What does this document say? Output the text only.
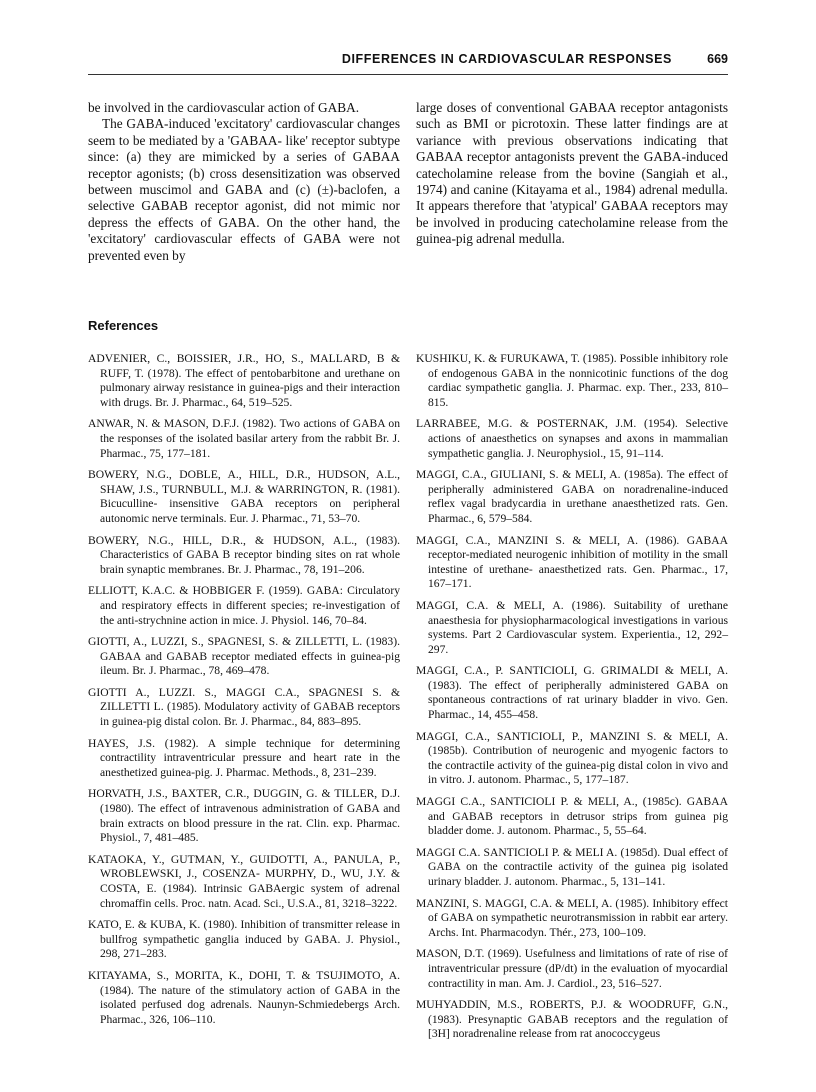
DIFFERENCES IN CARDIOVASCULAR RESPONSES	669

be involved in the cardiovascular action of GABA.

The GABA-induced 'excitatory' cardiovascular changes seem to be mediated by a 'GABAA- like' receptor subtype since: (a) they are mimicked by a series of GABAA receptor agonists; (b) cross desensitization was observed between muscimol and GABA and (c) (±)-baclofen, a selective GABAB receptor agonist, did not mimic nor depress the effects of GABA. On the other hand, the 'excitatory' cardiovascular effects of GABA were not prevented even by

large doses of conventional GABAA receptor antagonists such as BMI or picrotoxin. These latter findings are at variance with previous observations indicating that GABAA receptor antagonists prevent the GABA-induced catecholamine release from the bovine (Sangiah et al., 1974) and canine (Kitayama et al., 1984) adrenal medulla. It appears therefore that 'atypical' GABAA receptors may be involved in producing catecholamine release from the guinea-pig adrenal medulla.

References

ADVENIER, C., BOISSIER, J.R., HO, S., MALLARD, B & RUFF, T. (1978). The effect of pentobarbitone and urethane on pulmonary airway resistance in guinea-pigs and their interaction with drugs. Br. J. Pharmac., 64, 519–525.

ANWAR, N. & MASON, D.F.J. (1982). Two actions of GABA on the responses of the isolated basilar artery from the rabbit Br. J. Pharmac., 75, 177–181.

BOWERY, N.G., DOBLE, A., HILL, D.R., HUDSON, A.L., SHAW, J.S., TURNBULL, M.J. & WARRINGTON, R. (1981). Bicuculline- insensitive GABA receptors on peripheral autonomic nerve terminals. Eur. J. Pharmac., 71, 53–70.

BOWERY, N.G., HILL, D.R., & HUDSON, A.L., (1983). Characteristics of GABA B receptor binding sites on rat whole brain synaptic membranes. Br. J. Pharmac., 78, 191–206.

ELLIOTT, K.A.C. & HOBBIGER F. (1959). GABA: Circulatory and respiratory effects in different species; re-investigation of the anti-strychnine action in mice. J. Physiol. 146, 70–84.

GIOTTI, A., LUZZI, S., SPAGNESI, S. & ZILLETTI, L. (1983). GABAA and GABAB receptor mediated effects in guinea-pig ileum. Br. J. Pharmac., 78, 469–478.

GIOTTI A., LUZZI. S., MAGGI C.A., SPAGNESI S. & ZILLETTI L. (1985). Modulatory activity of GABAB receptors in guinea-pig distal colon. Br. J. Pharmac., 84, 883–895.

HAYES, J.S. (1982). A simple technique for determining contractility intraventricular pressure and heart rate in the anesthetized guinea-pig. J. Pharmac. Methods., 8, 231–239.

HORVATH, J.S., BAXTER, C.R., DUGGIN, G. & TILLER, D.J. (1980). The effect of intravenous administration of GABA and brain extracts on blood pressure in the rat. Clin. exp. Pharmac. Physiol., 7, 481–485.

KATAOKA, Y., GUTMAN, Y., GUIDOTTI, A., PANULA, P., WROBLEWSKI, J., COSENZA- MURPHY, D., WU, J.Y. & COSTA, E. (1984). Intrinsic GABAergic system of adrenal chromaffin cells. Proc. natn. Acad. Sci., U.S.A., 81, 3218–3222.

KATO, E. & KUBA, K. (1980). Inhibition of transmitter release in bullfrog sympathetic ganglia induced by GABA. J. Physiol., 298, 271–283.

KITAYAMA, S., MORITA, K., DOHI, T. & TSUJIMOTO, A. (1984). The nature of the stimulatory action of GABA in the isolated perfused dog adrenals. Naunyn-Schmiedebergs Arch. Pharmac., 326, 106–110.

KUSHIKU, K. & FURUKAWA, T. (1985). Possible inhibitory role of endogenous GABA in the nonnicotinic functions of the dog cardiac sympathetic ganglia. J. Pharmac. exp. Ther., 233, 810–815.

LARRABEE, M.G. & POSTERNAK, J.M. (1954). Selective actions of anaesthetics on synapses and axons in mammalian sympathetic ganglia. J. Neurophysiol., 15, 91–114.

MAGGI, C.A., GIULIANI, S. & MELI, A. (1985a). The effect of peripherally administered GABA on noradrenaline-induced reflex vagal bradycardia in urethane anaesthetized rats. Gen. Pharmac., 6, 579–584.

MAGGI, C.A., MANZINI S. & MELI, A. (1986). GABAA receptor-mediated neurogenic inhibition of motility in the small intestine of urethane- anaesthetized rats. Gen. Pharmac., 17, 167–171.

MAGGI, C.A. & MELI, A. (1986). Suitability of urethane anaesthesia for physiopharmacological investigations in various systems. Part 2 Cardiovascular system. Experientia., 12, 292–297.

MAGGI, C.A., P. SANTICIOLI, G. GRIMALDI & MELI, A. (1983). The effect of peripherally administered GABA on spontaneous contractions of rat urinary bladder in vivo. Gen. Pharmac., 14, 455–458.

MAGGI, C.A., SANTICIOLI, P., MANZINI S. & MELI, A. (1985b). Contribution of neurogenic and myogenic factors to the contractile activity of the guinea-pig distal colon in vivo and in vitro. J. autonom. Pharmac., 5, 177–187.

MAGGI C.A., SANTICIOLI P. & MELI, A., (1985c). GABAA and GABAB receptors in detrusor strips from guinea pig bladder dome. J. autonom. Pharmac., 5, 55–64.

MAGGI C.A. SANTICIOLI P. & MELI A. (1985d). Dual effect of GABA on the contractile activity of the guinea pig isolated urinary bladder. J. autonom. Pharmac., 5, 131–141.

MANZINI, S. MAGGI, C.A. & MELI, A. (1985). Inhibitory effect of GABA on sympathetic neurotransmission in rabbit ear artery. Archs. Int. Pharmacodyn. Thér., 273, 100–109.

MASON, D.T. (1969). Usefulness and limitations of rate of rise of intraventricular pressure (dP/dt) in the evaluation of myocardial contractility in man. Am. J. Cardiol., 23, 516–527.

MUHYADDIN, M.S., ROBERTS, P.J. & WOODRUFF, G.N., (1983). Presynaptic GABAB receptors and the regulation of [3H] noradrenaline release from rat anococcygeus
